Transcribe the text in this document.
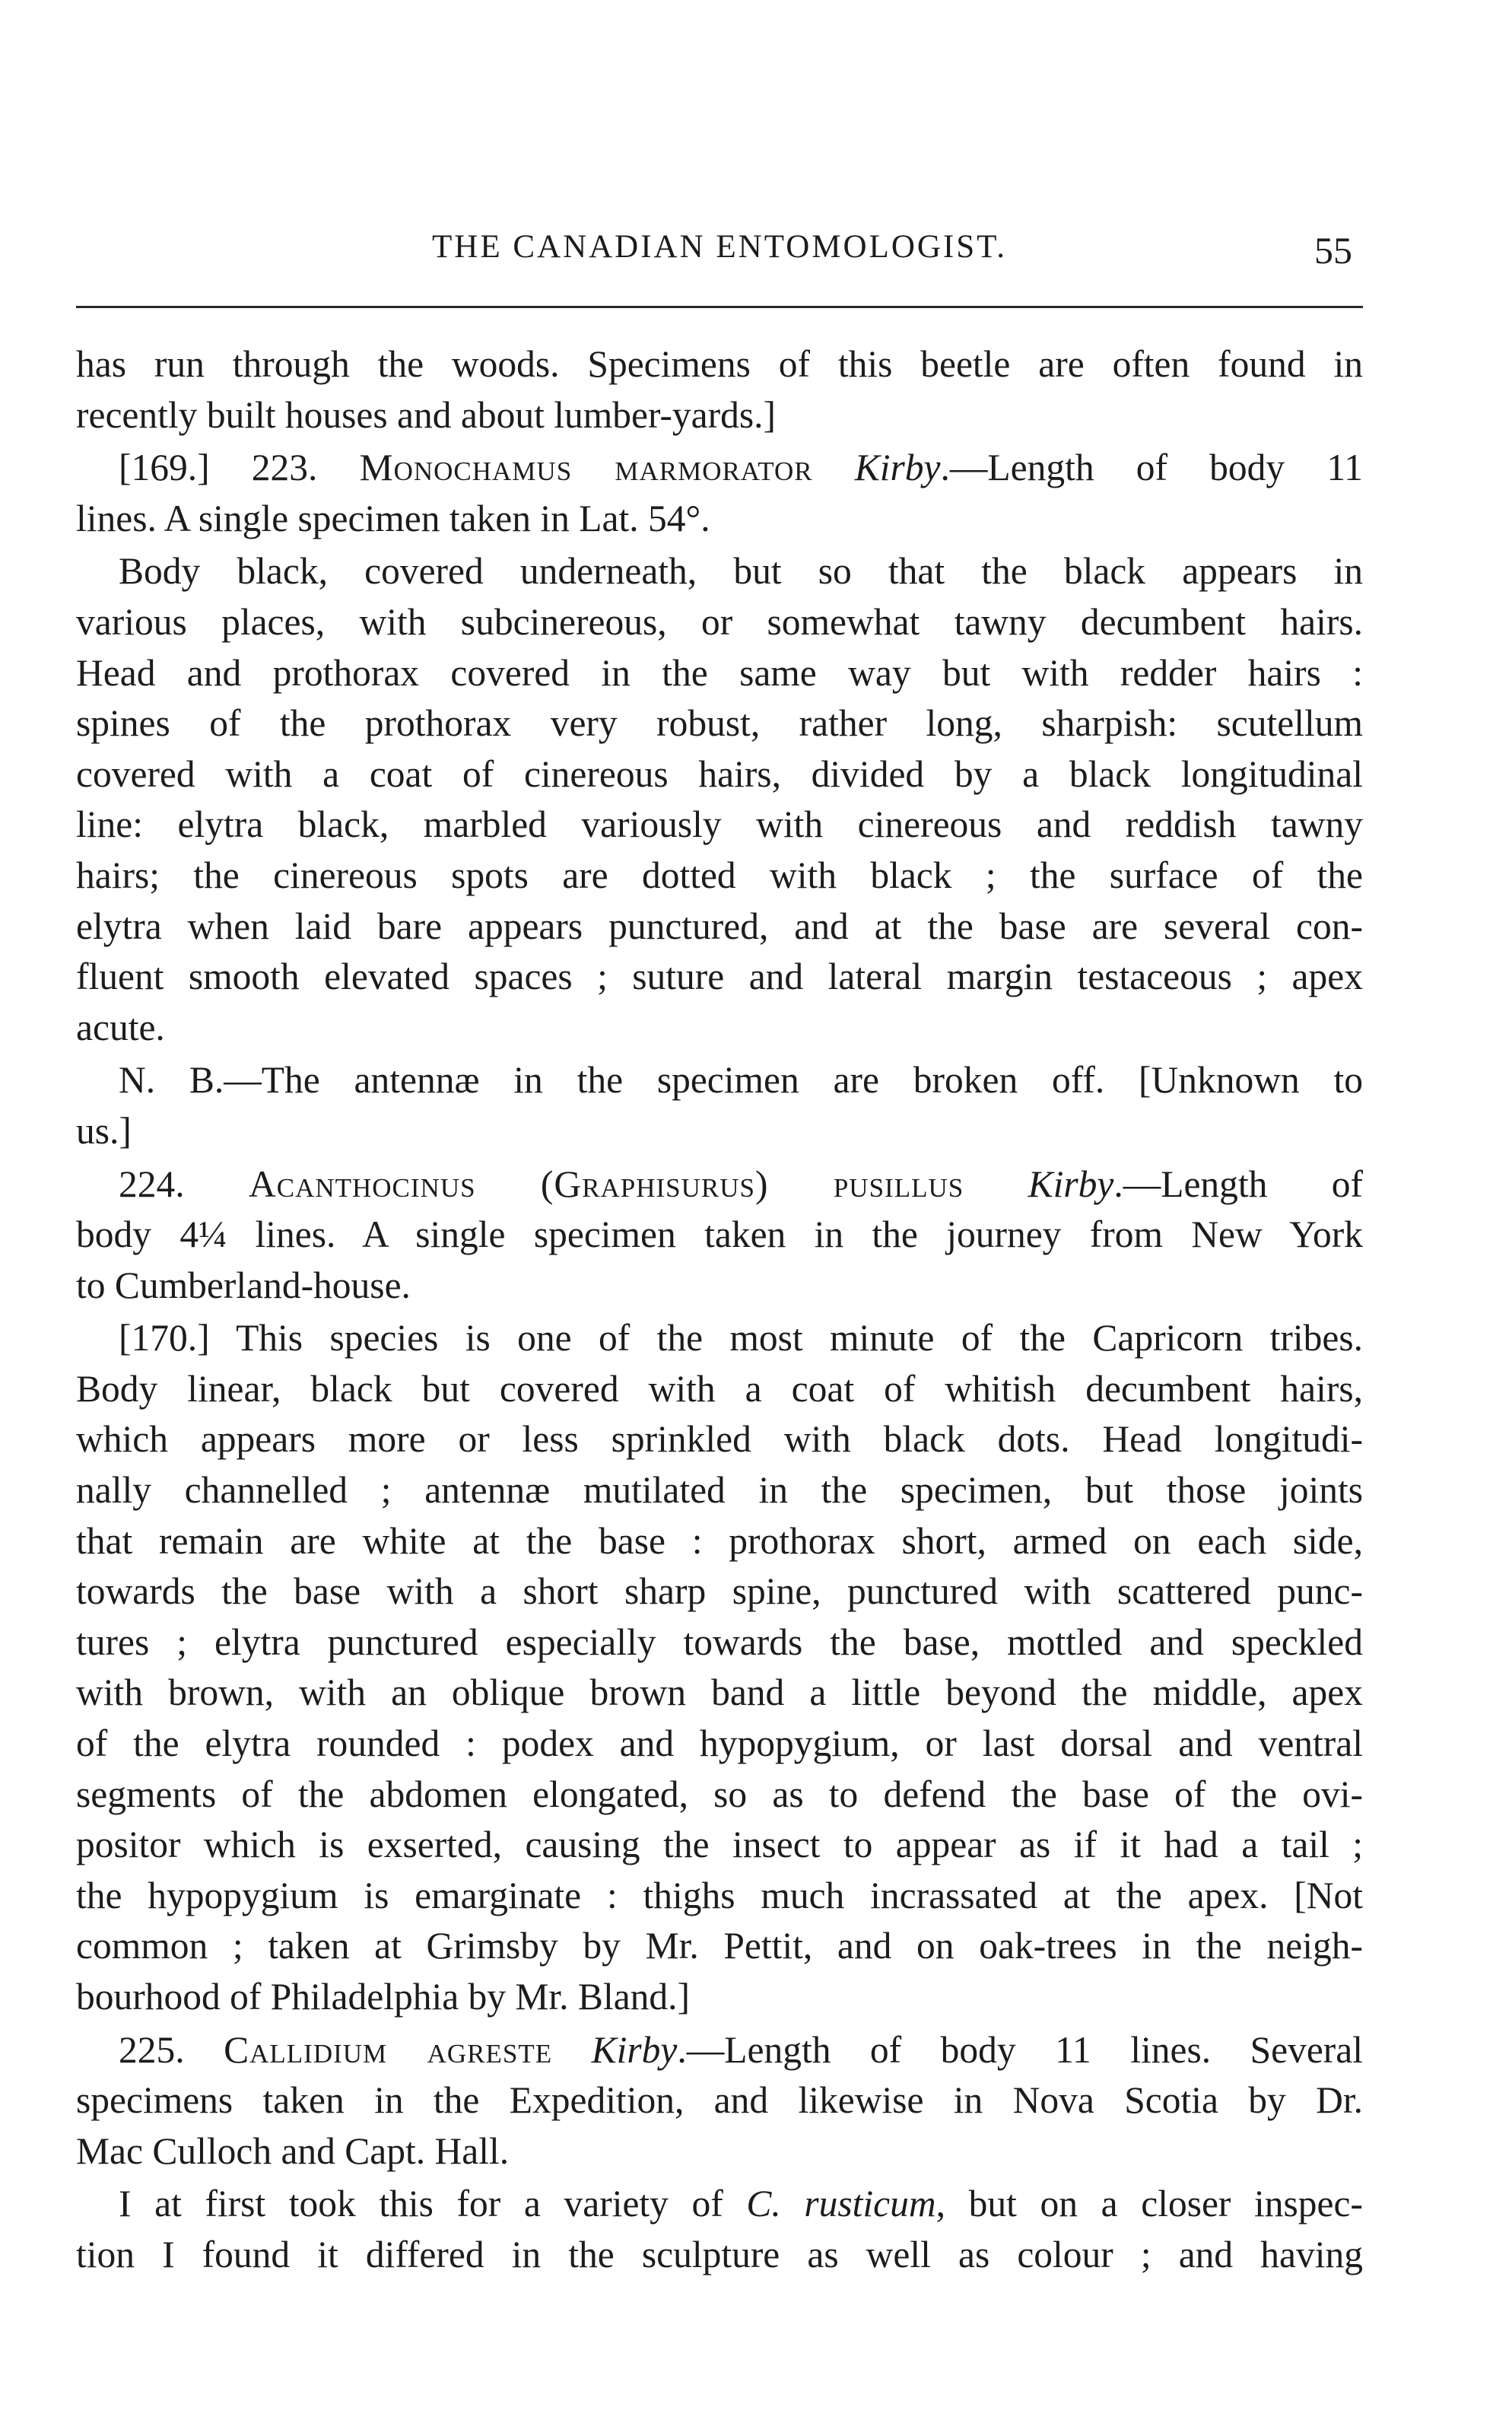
THE CANADIAN ENTOMOLOGIST.	55
has run through the woods. Specimens of this beetle are often found in
recently built houses and about lumber-yards.]
[169.] 223. Monochamus marmorator Kirby.—Length of body 11
lines. A single specimen taken in Lat. 54°.
Body black, covered underneath, but so that the black appears in
various places, with subcinereous, or somewhat tawny decumbent hairs.
Head and prothorax covered in the same way but with redder hairs :
spines of the prothorax very robust, rather long, sharpish: scutellum
covered with a coat of cinereous hairs, divided by a black longitudinal
line: elytra black, marbled variously with cinereous and reddish tawny
hairs; the cinereous spots are dotted with black ; the surface of the
elytra when laid bare appears punctured, and at the base are several con-
fluent smooth elevated spaces ; suture and lateral margin testaceous ; apex
acute.
N. B.—The antennæ in the specimen are broken off. [Unknown to
us.]
224. Acanthocinus (Graphisurus) pusillus Kirby.—Length of
body 4¼ lines. A single specimen taken in the journey from New York
to Cumberland-house.
[170.] This species is one of the most minute of the Capricorn tribes.
Body linear, black but covered with a coat of whitish decumbent hairs,
which appears more or less sprinkled with black dots. Head longitudi-
nally channelled ; antennæ mutilated in the specimen, but those joints
that remain are white at the base : prothorax short, armed on each side,
towards the base with a short sharp spine, punctured with scattered punc-
tures ; elytra punctured especially towards the base, mottled and speckled
with brown, with an oblique brown band a little beyond the middle, apex
of the elytra rounded : podex and hypopygium, or last dorsal and ventral
segments of the abdomen elongated, so as to defend the base of the ovi-
positor which is exserted, causing the insect to appear as if it had a tail ;
the hypopygium is emarginate : thighs much incrassated at the apex. [Not
common ; taken at Grimsby by Mr. Pettit, and on oak-trees in the neigh-
bourhood of Philadelphia by Mr. Bland.]
225. Callidium agreste Kirby.—Length of body 11 lines. Several
specimens taken in the Expedition, and likewise in Nova Scotia by Dr.
Mac Culloch and Capt. Hall.
I at first took this for a variety of C. rusticum, but on a closer inspec-
tion I found it differed in the sculpture as well as colour ; and having
